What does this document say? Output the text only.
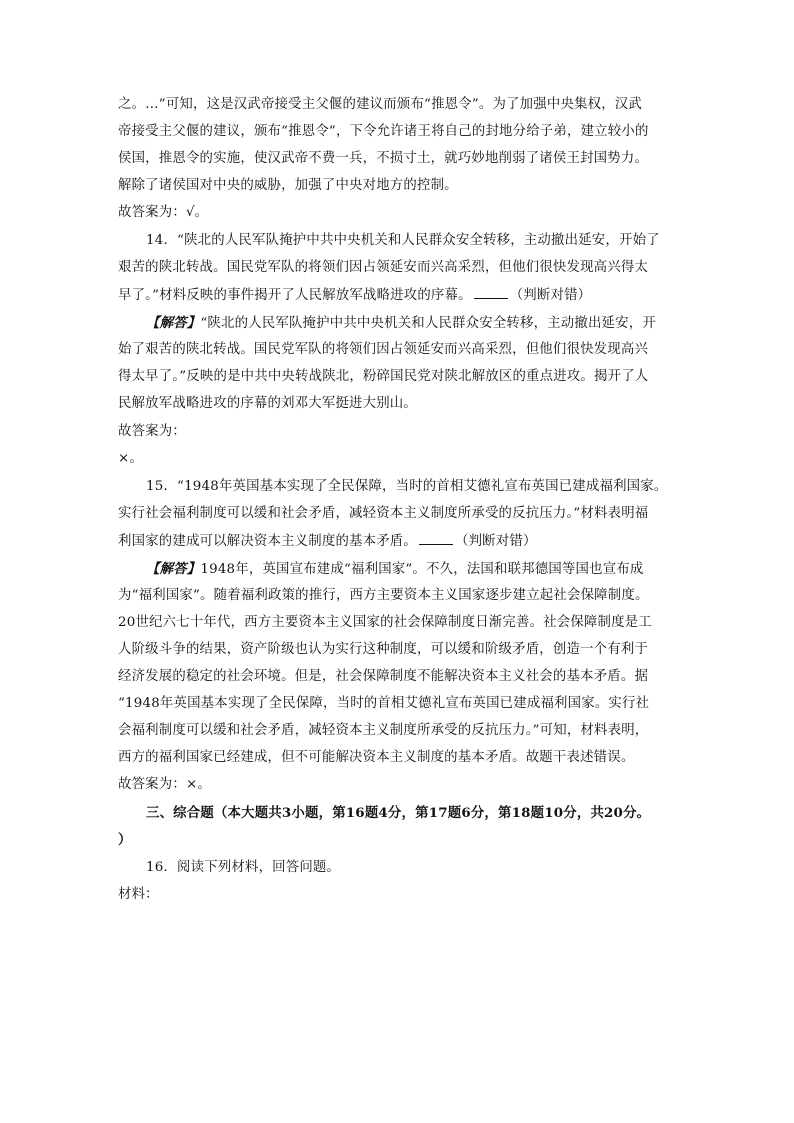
之。…”可知，这是汉武帝接受主父偃的建议而颁布“推恩令”。为了加强中央集权，汉武
帝接受主父偃的建议，颁布“推恩令”，下令允许诸王将自己的封地分给子弟，建立较小的
侯国，推恩令的实施，使汉武帝不费一兵，不损寸土，就巧妙地削弱了诸侯王封国势力。
解除了诸侯国对中央的威胁，加强了中央对地方的控制。
故答案为：√。
14．“陕北的人民军队掩护中共中央机关和人民群众安全转移，主动撤出延安，开始了
艰苦的陕北转战。国民党军队的将领们因占领延安而兴高采烈，但他们很快发现高兴得太
早了。”材料反映的事件揭开了人民解放军战略进攻的序幕。	（判断对错）
【解答】“陕北的人民军队掩护中共中央机关和人民群众安全转移，主动撤出延安，开
始了艰苦的陕北转战。国民党军队的将领们因占领延安而兴高采烈，但他们很快发现高兴
得太早了。”反映的是中共中央转战陕北，粉碎国民党对陕北解放区的重点进攻。揭开了人
民解放军战略进攻的序幕的刘邓大军挺进大别山。
故答案为：
×。
15．“1948年英国基本实现了全民保障，当时的首相艾德礼宣布英国已建成福利国家。
实行社会福利制度可以缓和社会矛盾，减轻资本主义制度所承受的反抗压力。”材料表明福
利国家的建成可以解决资本主义制度的基本矛盾。	（判断对错）
【解答】1948年，英国宣布建成“福利国家”。不久，法国和联邦德国等国也宣布成
为“福利国家”。随着福利政策的推行，西方主要资本主义国家逐步建立起社会保障制度。
20世纪六七十年代，西方主要资本主义国家的社会保障制度日渐完善。社会保障制度是工
人阶级斗争的结果，资产阶级也认为实行这种制度，可以缓和阶级矛盾，创造一个有利于
经济发展的稳定的社会环境。但是，社会保障制度不能解决资本主义社会的基本矛盾。据
“1948年英国基本实现了全民保障，当时的首相艾德礼宣布英国已建成福利国家。实行社
会福利制度可以缓和社会矛盾，减轻资本主义制度所承受的反抗压力。”可知，材料表明，
西方的福利国家已经建成，但不可能解决资本主义制度的基本矛盾。故题干表述错误。
故答案为：×。
三、综合题（本大题共3小题，第16题4分，第17题6分，第18题10分，共20分。
）
16．阅读下列材料，回答问题。
材料：
